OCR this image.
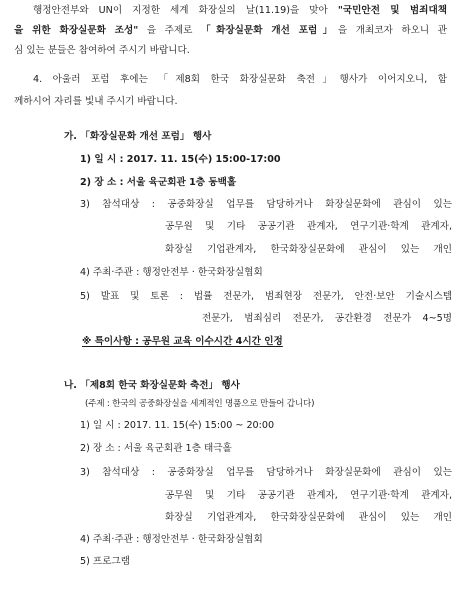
행정안전부와 UN이 지정한 세계 화장실의 날(11.19)을 맞아 "국민안전 및 범죄대책
을 위한 화장실문화 조성" 을 주제로 「화장실문화 개선 포럼」을 개최코자 하오니 관
심 있는 분들은 참여하여 주시기 바랍니다.
4. 아울러 포럼 후에는 「제8회 한국 화장실문화 축전」행사가 이어지오니, 함
께하시어 자리를 빛내 주시기 바랍니다.
가. 「화장실문화 개선 포럼」 행사
1) 일 시 : 2017. 11. 15(수) 15:00-17:00
2) 장 소 : 서울 육군회관 1층 동백홀
3) 참석대상 : 공중화장실 업무를 담당하거나 화장실문화에 관심이 있는
공무원 및 기타 공공기관 관계자, 연구기관·학계 관계자,
화장실 기업관계자, 한국화장실문화에 관심이 있는 개인
4) 주최·주관 : 행정안전부 · 한국화장실협회
5) 발표 및 토론 : 법률 전문가, 범죄현장 전문가, 안전·보안 기술시스템
전문가, 범죄심리 전문가, 공간환경 전문가 4~5명
※ 특이사항 : 공무원 교육 이수시간 4시간 인정
나. 「제8회 한국 화장실문화 축전」 행사
(주제 : 한국의 공중화장실을 세계적인 명품으로 만들어 갑니다)
1) 일 시 : 2017. 11. 15(수) 15:00 ~ 20:00
2) 장 소 : 서울 육군회관 1층 태극홀
3) 참석대상 : 공중화장실 업무를 담당하거나 화장실문화에 관심이 있는
공무원 및 기타 공공기관 관계자, 연구기관·학계 관계자,
화장실 기업관계자, 한국화장실문화에 관심이 있는 개인
4) 주최·주관 : 행정안전부 · 한국화장실협회
5) 프로그램
